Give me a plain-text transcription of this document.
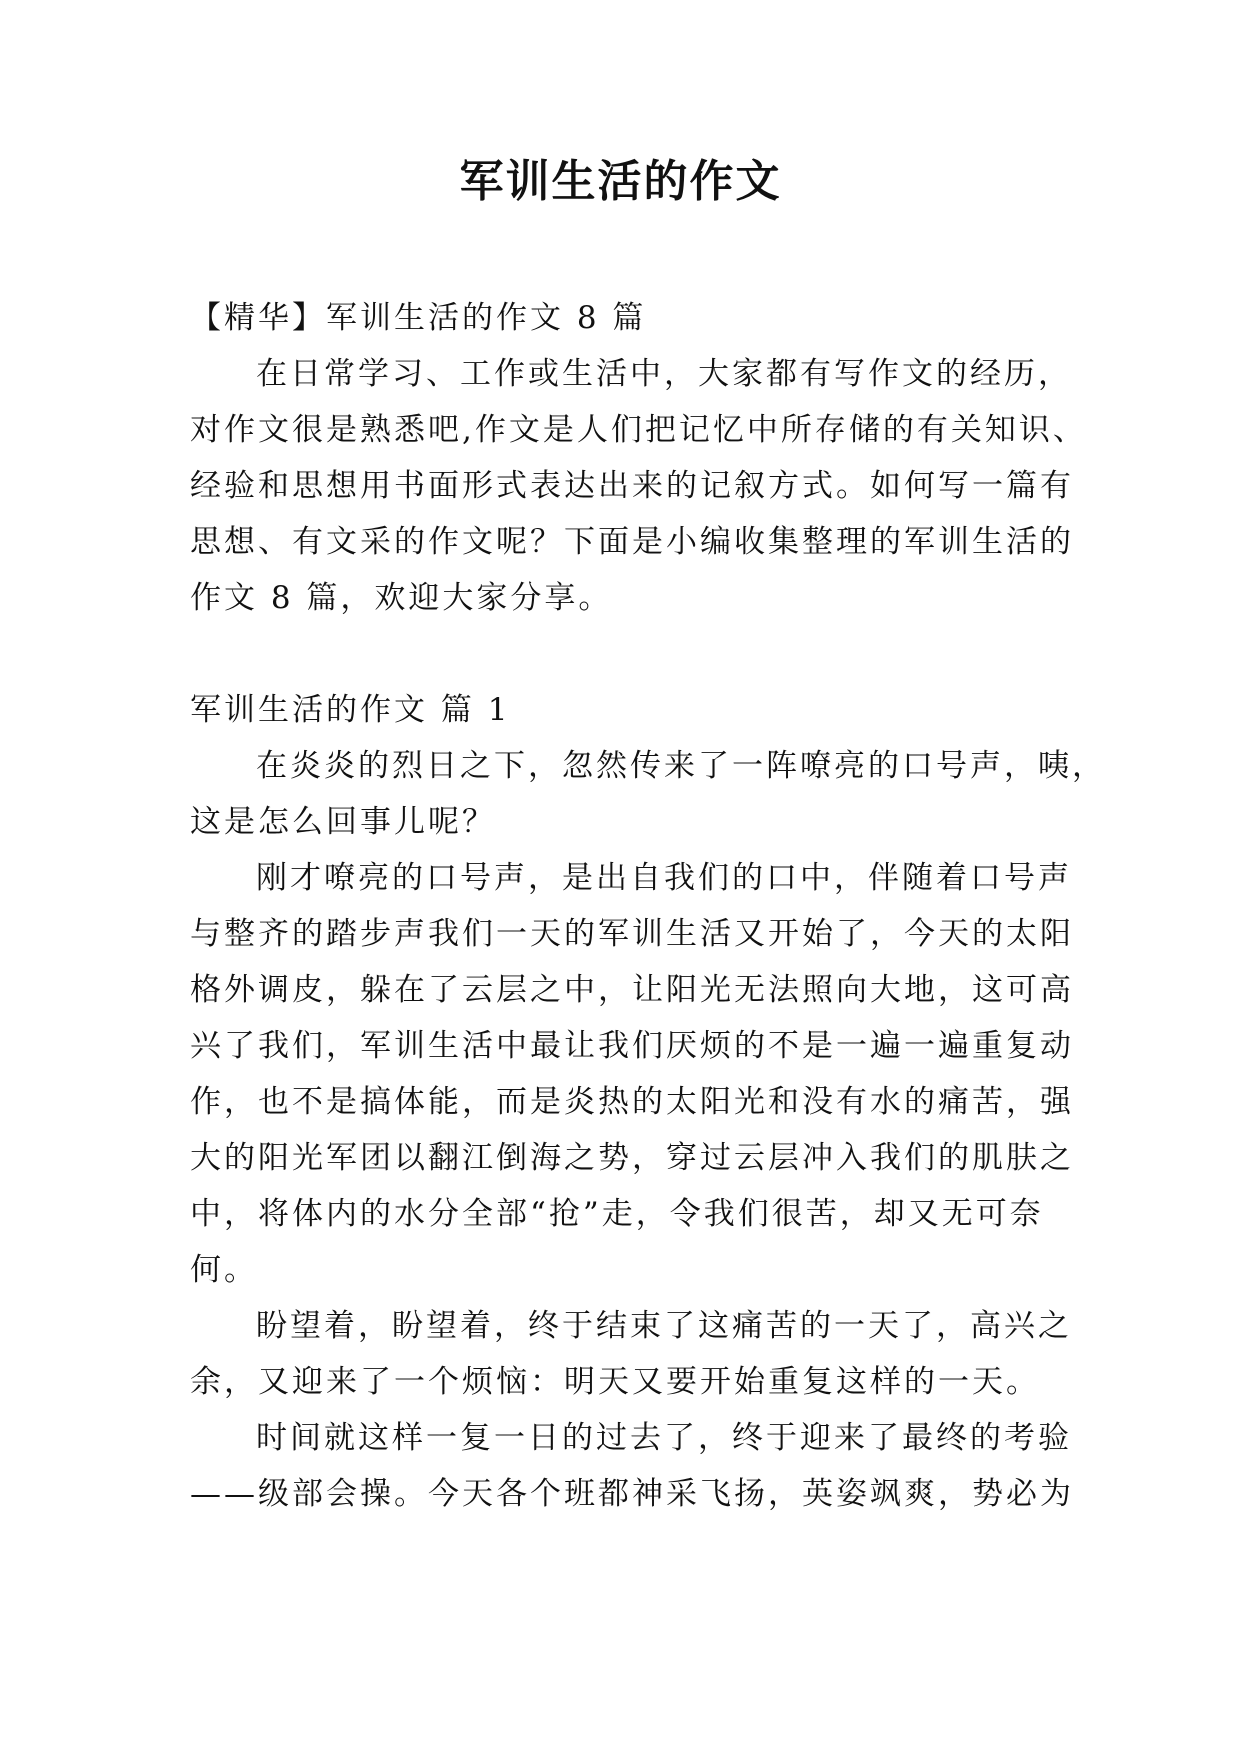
军训生活的作文
【精华】军训生活的作文 8 篇
在日常学习、工作或生活中，大家都有写作文的经历，
对作文很是熟悉吧,作文是人们把记忆中所存储的有关知识、
经验和思想用书面形式表达出来的记叙方式。如何写一篇有
思想、有文采的作文呢？下面是小编收集整理的军训生活的
作文 8 篇，欢迎大家分享。
军训生活的作文 篇 1
在炎炎的烈日之下，忽然传来了一阵嘹亮的口号声，咦，
这是怎么回事儿呢？
刚才嘹亮的口号声，是出自我们的口中，伴随着口号声
与整齐的踏步声我们一天的军训生活又开始了，今天的太阳
格外调皮，躲在了云层之中，让阳光无法照向大地，这可高
兴了我们，军训生活中最让我们厌烦的不是一遍一遍重复动
作，也不是搞体能，而是炎热的太阳光和没有水的痛苦，强
大的阳光军团以翻江倒海之势，穿过云层冲入我们的肌肤之
中，将体内的水分全部“抢”走，令我们很苦，却又无可奈
何。
盼望着，盼望着，终于结束了这痛苦的一天了，高兴之
余，又迎来了一个烦恼：明天又要开始重复这样的一天。
时间就这样一复一日的过去了，终于迎来了最终的考验
——级部会操。今天各个班都神采飞扬，英姿飒爽，势必为
